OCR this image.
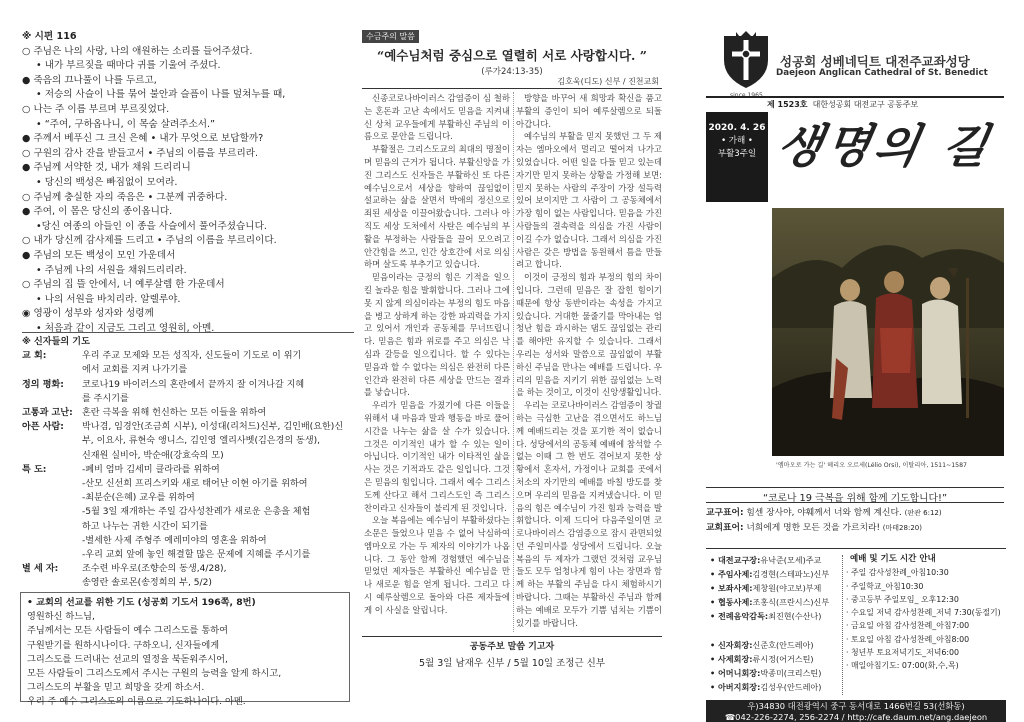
※ 시편 116
○ 주님은 나의 사랑, 나의 애원하는 소리를 들어주셨다.
• 내가 부르짖을 때마다 귀를 기울여 주셨다.
● 죽음의 끄나풀이 나를 두르고,
• 저승의 사슬이 나를 묶어 불안과 슬픔이 나를 덮쳐누를 때,
○ 나는 주 이름 부르며 부르짖었다.
• “주여, 구하옵나니, 이 목숨 살려주소서.”
● 주께서 베푸신 그 크신 은혜 • 내가 무엇으로 보답할까?
○ 구원의 감사 잔을 받들고서 • 주님의 이름을 부르리라.
● 주님께 서약한 것, 내가 채워 드리리니
• 당신의 백성은 빠짐없이 모여라.
○ 주님께 충실한 자의 죽음은 • 그분께 귀중하다.
● 주여, 이 몸은 당신의 종이옵니다.
•당신 여종의 아들인 이 종을 사슬에서 풀어주셨습니다.
○ 내가 당신께 감사제를 드리고 • 주님의 이름을 부르리이다.
● 주님의 모든 백성이 모인 가운데서
• 주님께 나의 서원을 채워드리리라.
○ 주님의 집 뜰 안에서, 너 예루살렘 한 가운데서
• 나의 서원을 바치리라. 알렐루야.
◉ 영광이 성부와 성자와 성령께
• 처음과 같이 지금도 그리고 영원히, 아멘.
※ 신자들의 기도
교 회:	우리 주교 모제와 모든 성직자, 신도들이 기도로 이 위기
에서 교회를 지켜 나가기를
정의 평화:	코로나19 바이러스의 혼란에서 끝까지 잘 이겨나갈 지혜
를 주시기를
고통과 고난:	혼란 극복을 위해 헌신하는 모든 이들을 위하여
아픈 사람:	박나겸, 임경안(조금희 시부), 이성대(리처드)신부, 김인배(요한)신
부, 이요사, 류현숙 앵니스, 김인영 엘리사벳(김은경의 동생),
신재원 실비아, 박순애(강효숙의 모)
특 도:	-폐비 엄마 김세미 클라라를 위하여
-산모 신선희 프리스키와 새로 태어난 이현 아기를 위하여
-최분순(은혜) 교우를 위하여
-5월 3일 재개하는 주일 감사성찬례가 새로운 은총을 체험
하고 나누는 귀한 시간이 되기를
-별세한 사제 주형주 예레미야의 영혼을 위하여
-우리 교회 앞에 놓인 해결할 많은 문제에 지혜를 주시기를
별 세 자:	조수련 바우로(조향순의 동생,4/28),
송영란 솔로몬(송정희의 부, 5/2)
• 교회의 선교를 위한 기도 (성공회 기도서 196쪽, 8번)
영원하신 하느님,
주님께서는 모든 사람들이 예수 그리스도를 통하여
구원받기를 원하시나이다. 구하오니, 신자들에게
그리스도를 드러내는 선교의 열정을 북돋워주시어,
모든 사람들이 그리스도께서 주시는 구원의 능력을 알게 하시고,
그리스도의 부활을 믿고 희망을 갖게 하소서.
우리 주 예수 그리스도의 이름으로 기도하나이다. 아멘.
수금주의 말씀
“예수님처럼 중심으로 열렬히 서로 사랑합시다. ”
(루가24:13-35)
김호욱(디도) 신부 / 진천교회

신종코로나바이러스 감염증이 심 철하는 혼돈과 고난 속에서도 믿음을 지켜내신 상처 교우들에게 부활하신 주님의 이름으로 문안을 드립니다.

부활절은 그리스도교의 최대의 명절이며 믿음의 근거가 됩니다. 부활신앙을 가진 그리스도 신자들은 부활하신 또 다른 예수님으로서 세상을 향하여 끊임없이 설교하는 삶을 살면서 박애의 정신으로 죄된 세상을 이끌어왔습니다. 그러나 아직도 세상 도처에서 사탄은 예수님의 부활을 부정하는 사람들을 끌어 모으려고 안간힘을 쓰고, 인간 상호간에 서로 의심하며 살도록 부추기고 있습니다.

믿음이라는 긍정의 힘은 기적을 일으킬 놀라운 힘을 발휘합니다. 그러나 그에 못 지 않게 의심이라는 부정의 힘도 마음을 병고 상하게 하는 강한 파괴력을 가지고 있어서 개인과 공동체를 무너뜨립니다. 믿음은 힘과 위로를 주고 의심은 낙심과 갈등을 일으킵니다. 할 수 있다는 믿음과 할 수 없다는 의심은 완전히 다른 인간과 완전히 다른 세상을 만드는 결과를 낳습니다.

우리가 믿음을 가졌기에 다른 이들을 위해서 내 마음과 말과 행동을 바로 풀어 시간을 나누는 삶을 살 수가 있습니다. 그것은 이기적인 내가 할 수 있는 일이 아닙니다. 이기적인 내가 이타적인 삶을 사는 것은 기적과도 같은 일입니다. 그것은 믿음의 힘입니다. 그래서 예수 그리스도께 산다고 해서 그리스도인 즉 그리스찬이라고 신자들이 불리게 된 것입니다.

오늘 복음에는 예수님이 부활하셨다는 소문은 들었으나 믿음 수 없어 낙심하여 엠마오로 가는 두 제자의 이야기가 나옵니다. 그 동안 함께 경험했던 예수님을 믿었던 제자들은 부활하신 예수님을 만나 새로운 힘을 얻게 됩니다. 그리고 다시 예루살렘으로 돌아와 다른 제자들에게 이 사실을 알립니다.

방향을 바꾸어 새 희망과 확신을 품고 부활의 증인이 되어 예루살렘으로 되돌아갑니다.

예수님의 부활을 믿지 못했던 그 두 제자는 엠마오에서 멀리고 떨어져 나가고 있었습니다. 어떤 일을 다들 믿고 있는데 자기만 믿지 못하는 상황을 가정해 보면: 믿지 못하는 사람의 주장이 가장 설득력 있어 보이지만 그 사람이 그 공동체에서 가장 힘이 없는 사람입니다. 믿음을 가진 사람들의 결속력을 의심을 가진 사람이 이길 수가 없습니다. 그래서 의심을 가진 사람은 갖은 방법을 동원해서 틈을 만들려고 합니다.

이것이 긍정의 힘과 부정의 힘의 차이입니다. 그런데 믿음은 잘 잡힌 힘이기 때문에 항상 동반이라는 속성을 가지고 있습니다. 거대한 물줄기를 막아내는 엄청난 힘을 과시하는 댐도 끊임없는 관리를 해야만 유지할 수 있습니다. 그래서 우리는 성서와 말씀으로 끊임없이 부활하신 주님을 만나는 예배를 드립니다. 우리의 믿음을 지키기 위한 끊임없는 노력을 하는 것이고, 이것이 신앙생활입니다.

우리는 코로나바이러스 감염증이 창궐하는 극심한 고난을 겪으면서도 하느님께 예배드리는 것을 포기한 적이 없습니다. 성당에서의 공동체 예배에 참석할 수 없는 이때 그 한 번도 겪어보지 못한 상황에서 혼자서, 가정이나 교회를 곳에서 처소의 자기만의 예배를 바칠 방도를 찾으며 우리의 믿음을 지켜냈습니다. 이 믿음의 힘은 예수님이 가진 힘과 능력을 발휘합니다. 이제 드디어 다음주일이면 코로나바이러스 감염증으로 잠시 관면되었던 주일미사를 성당에서 드립니다. 오늘 복음의 두 제자가 그랬던 것처럼 교우님들도 모두 엄청나게 힘이 나는 장면과 함께 하는 부활의 주님을 다시 체험하시기 바랍니다. 그때는 부활하신 주님과 함께 하는 예배로 모두가 기쁨 넘치는 기쁨이 있기를 바랍니다.

공동주보 말씀 기고자
5월 3일 남재우 신부 / 5월 10일 조정근 신부
since 1965
성공회 성베네딕트 대전주교좌성당
Daejeon Anglican Cathedral of St. Benedict
제 1523호 대한성공회 대전교구 공동주보
2020. 4. 26
• 가해 •
부활3주일 생명의 길
'엠마오로 가는 길' 헤리오 오르세(Lélio Orsi), 이탈리아, 1511~1587
“코로나 19 극복을 위해 함께 기도합니다!”
교구표어: 힘센 장사야, 야훼께서 너와 함께 계신다. (판관 6:12)
교회표어: 너희에게 명한 모든 것을 가르치라! (마태28:20)
• 대전교구장:유낙준(모세)주교
• 주임사제:김경현(스테파노)신부
• 보좌사제:제창원(야고보)부제
• 협동사제:조홍식(프란시스)신부
• 전례음악감독:최진현(수산나)

• 신자회장:신준호(안드레아)
• 사제회장:류시정(어거스틴)
• 어머니회장:박종미(크리스틴)
• 아버지회장:김성우(안드레아)
예배 및 기도 시간 안내
· 주일 감사성찬례_아침10:30
· 주일학교_아침10:30
· 중고등부 주일모임_ 오후12:30
· 수요일 저녁 감사성찬례_저녁 7:30(동절기)
· 금요일 아침 감사성찬례_아침7:00
· 토요일 아침 감사성찬례_아침8:00
· 청년부 토요저녁기도_저녁6:00
· 매일아침기도: 07:00(화,수,목)
우)34830 대전광역시 중구 동서대로 1466번길 53(선화동)
☎042-226-2274, 256-2274 / http://cafe.daum.net/ang.daejeon
